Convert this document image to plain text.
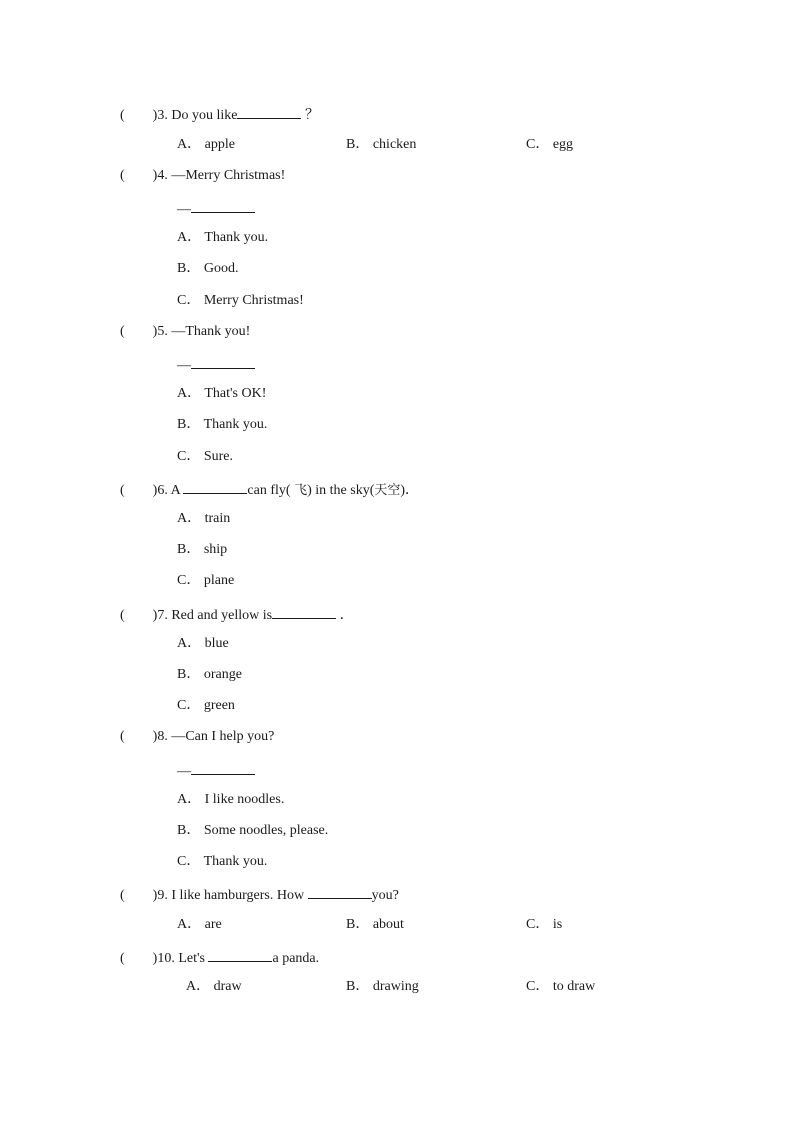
( )3. Do you like	？
A． apple	B． chicken	C． egg
( )4. —Merry Christmas!
—
A． Thank you.
B． Good.
C． Merry Christmas!
( )5. —Thank you!
—
A． That's OK!
B． Thank you.
C． Sure.
( )6. A	can fly( 飞) in the sky(天空)．
A． train
B． ship
C． plane
( )7. Red and yellow is	．
A． blue
B． orange
C． green
( )8. —Can I help you?
—
A． I like noodles.
B． Some noodles, please.
C． Thank you.
( )9. I like hamburgers. How	you?
A． are	B． about	C． is
( )10. Let's	a panda.
A． draw	B． drawing	C． to draw
